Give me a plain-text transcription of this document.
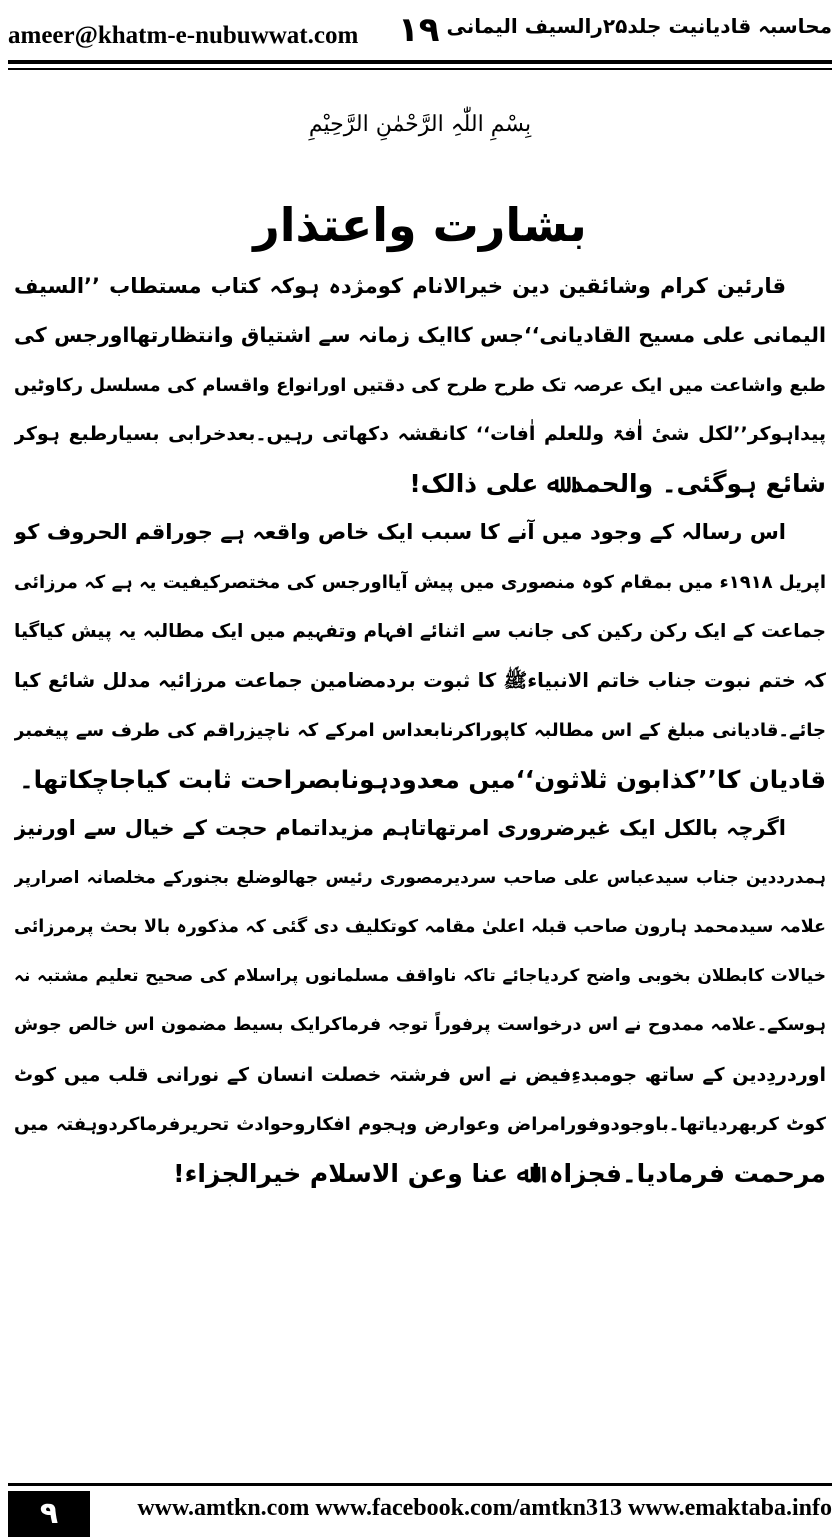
ameer@khatm-e-nubuwwat.com ۱۹ محاسبہ قادیانیت جلد۲۵رالسیف الیمانی
بِسْمِ اللّٰہِ الرَّحْمٰنِ الرَّحِیْمِ
بشارت واعتذار
قارئین کرام وشائقین دین خیرالانام کومژدہ ہوکہ کتاب مستطاب ’’السیف
الیمانی علی مسیح القادیانی‘‘جس کاایک زمانہ سے اشتیاق وانتظارتھااورجس کی
طبع واشاعت میں ایک عرصہ تک طرح طرح کی دقتیں اورانواع واقسام کی مسلسل رکاوٹیں
پیداہوکر’’لکل شیٔ اٰفۃ وللعلم اٰفات‘‘ کانقشہ دکھاتی رہیں۔بعدخرابی بسیارطبع ہوکر
شائع ہوگئی۔ والحمد ﷲ علی ذالک!
اس رسالہ کے وجود میں آنے کا سبب ایک خاص واقعہ ہے جوراقم الحروف کو
اپریل ۱۹۱۸ء میں بمقام کوہ منصوری میں پیش آیااورجس کی مختصرکیفیت یہ ہے کہ مرزائی
جماعت کے ایک رکن رکین کی جانب سے اثنائے افہام وتفہیم میں ایک مطالبہ یہ پیش کیاگیا
کہ ختم نبوت جناب خاتم الانبیاءﷺ کا ثبوت بردمضامین جماعت مرزائیہ مدلل شائع کیا
جائے۔قادیانی مبلغ کے اس مطالبہ کاپوراکرنابعداس امرکے کہ ناچیزراقم کی طرف سے پیغمبر
قادیان کا’’کذابون ثلاثون‘‘میں معدودہونابصراحت ثابت کیاجاچکاتھا۔
اگرچہ بالکل ایک غیرضروری امرتھاتاہم مزیداتمام حجت کے خیال سے اورنیز
ہمدرددین جناب سیدعباس علی صاحب سردیرمصوری رئیس جھالوضلع بجنورکے مخلصانہ اصرارپر
علامہ سیدمحمد ہارون صاحب قبلہ اعلیٰ مقامہ کوتکلیف دی گئی کہ مذکورہ بالا بحث پرمرزائی
خیالات کابطلان بخوبی واضح کردیاجائے تاکہ ناواقف مسلمانوں پراسلام کی صحیح تعلیم مشتبہ نہ
ہوسکے۔علامہ ممدوح نے اس درخواست پرفوراً توجہ فرماکرایک بسیط مضمون اس خالص جوش
اوردردِدین کے ساتھ جومبدءِفیض نے اس فرشتہ خصلت انسان کے نورانی قلب میں کوٹ
کوٹ کربھردیاتھا۔باوجودوفورامراض وعوارض وہجوم افکاروحوادث تحریرفرماکردوہفتہ میں
مرحمت فرمادیا۔فجزاہ اﷲ عنا وعن الاسلام خیرالجزاء!
۹	www.amtkn.com www.facebook.com/amtkn313 www.emaktaba.info
